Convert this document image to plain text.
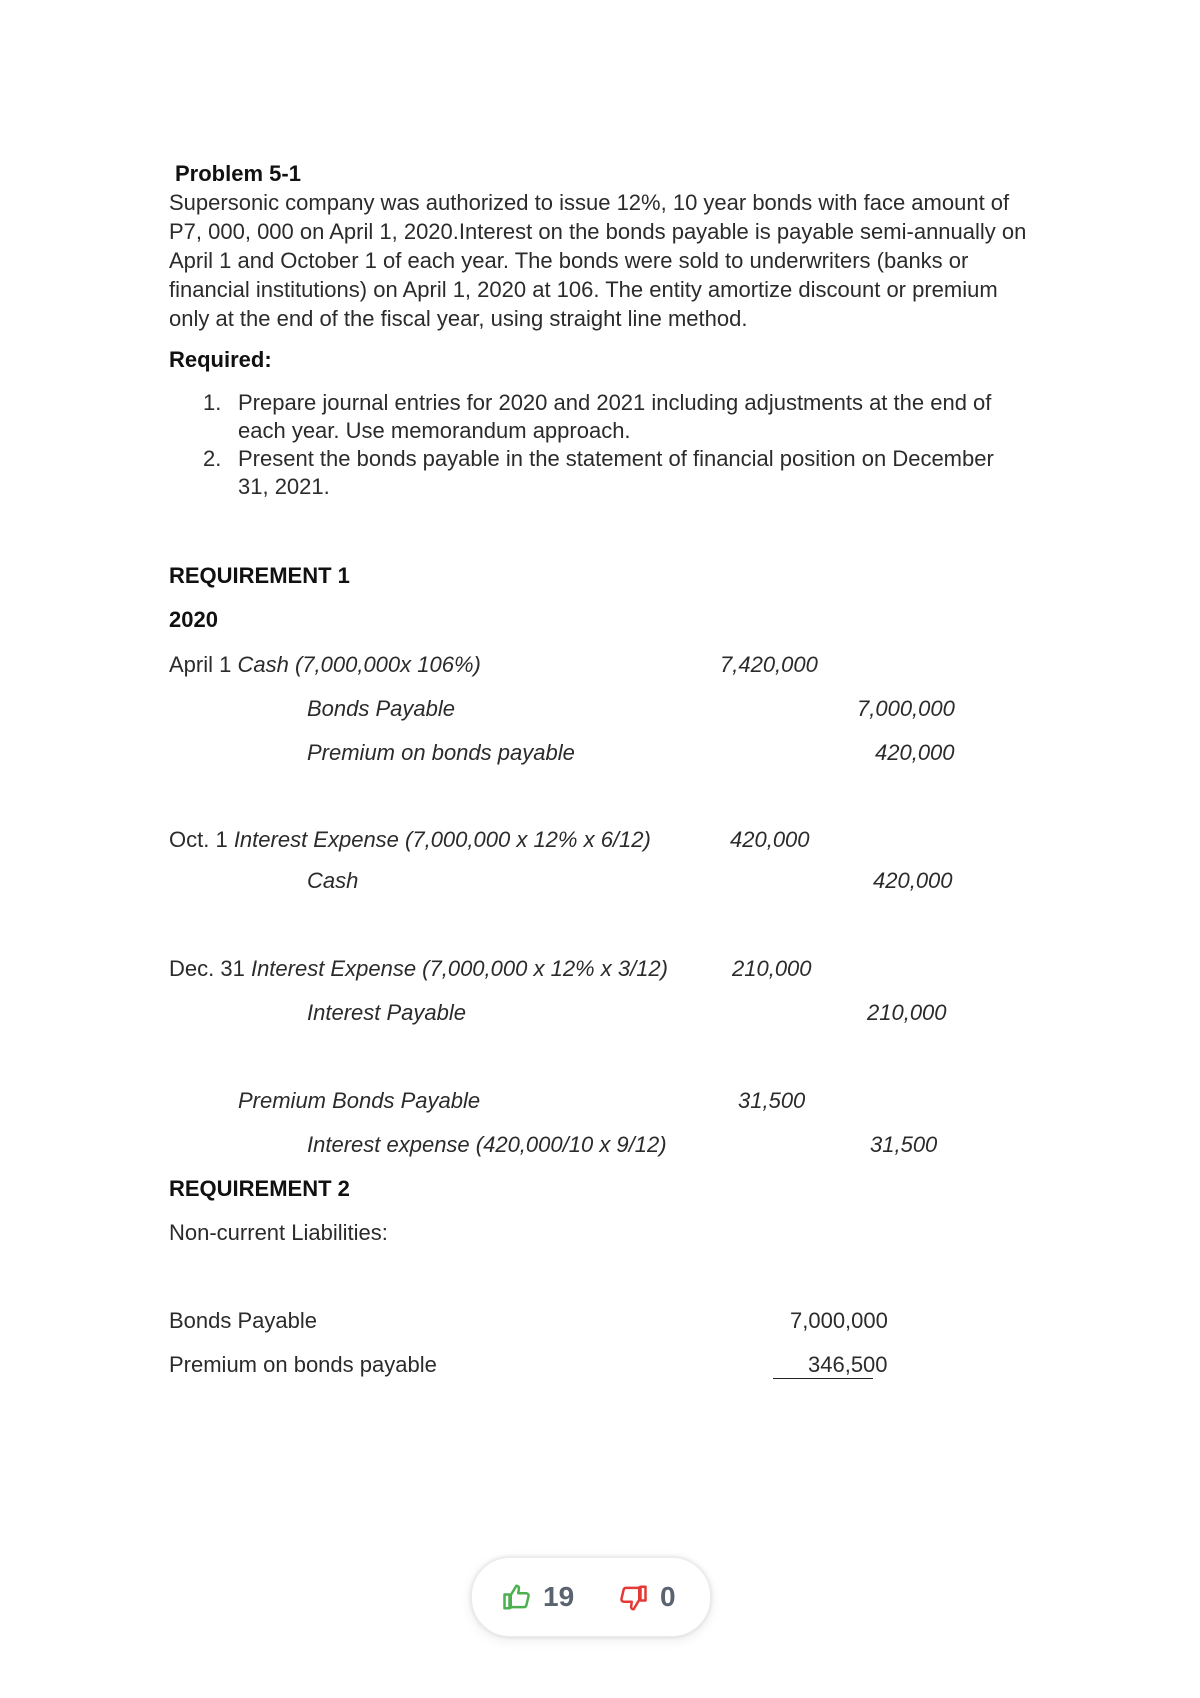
Problem 5-1
Supersonic company was authorized to issue 12%, 10 year bonds with face amount of
P7, 000, 000 on April 1, 2020.Interest on the bonds payable is payable semi-annually on
April 1 and October 1 of each year. The bonds were sold to underwriters (banks or
financial institutions) on April 1, 2020 at 106. The entity amortize discount or premium
only at the end of the fiscal year, using straight line method.
Required:
1. Prepare journal entries for 2020 and 2021 including adjustments at the end of
each year. Use memorandum approach.
2. Present the bonds payable in the statement of financial position on December
31, 2021.
REQUIREMENT 1
2020
April 1 Cash (7,000,000x 106%)	7,420,000
Bonds Payable	7,000,000
Premium on bonds payable	420,000
Oct. 1 Interest Expense (7,000,000 x 12% x 6/12)	420,000
Cash	420,000
Dec. 31 Interest Expense (7,000,000 x 12% x 3/12)	210,000
Interest Payable	210,000
Premium Bonds Payable	31,500
Interest expense (420,000/10 x 9/12)	31,500
REQUIREMENT 2
Non-current Liabilities:
Bonds Payable	7,000,000
Premium on bonds payable	346,500
19	0
